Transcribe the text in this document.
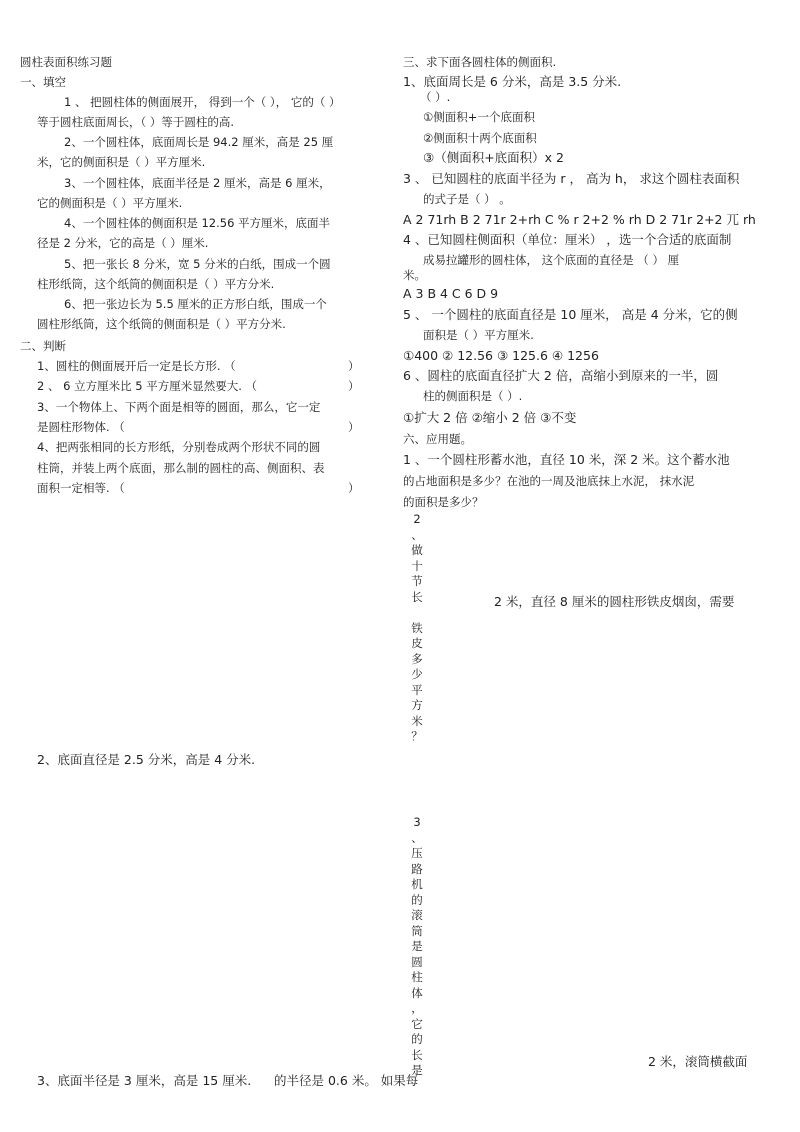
圆柱表面积练习题
一、填空
1 、 把圆柱体的侧面展开， 得到一个（ ）， 它的（ ）
等于圆柱底面周长，（ ）等于圆柱的高.
2、一个圆柱体，底面周长是 94.2 厘米，高是 25 厘
米，它的侧面积是（ ）平方厘米.
3、一个圆柱体，底面半径是 2 厘米，高是 6 厘米，
它的侧面积是（ ）平方厘米.
4、一个圆柱体的侧面积是 12.56 平方厘米，底面半
径是 2 分米，它的高是（ ）厘米.
5、把一张长 8 分米，宽 5 分米的白纸，围成一个圆
柱形纸筒，这个纸筒的侧面积是（ ）平方分米.
6、把一张边长为 5.5 厘米的正方形白纸，围成一个
圆柱形纸筒，这个纸筒的侧面积是（ ）平方分米.
二、判断
1、圆柱的侧面展开后一定是长方形. （	）
2 、 6 立方厘米比 5 平方厘米显然要大. （	）
3、一个物体上、下两个面是相等的圆面，那么，它一定
是圆柱形物体. （	）
4、把两张相同的长方形纸，分别卷成两个形状不同的圆
柱筒，并装上两个底面，那么制的圆柱的高、侧面积、表
面积一定相等. （	）
2、底面直径是 2.5 分米，高是 4 分米.
3、底面半径是 3 厘米，高是 15 厘米.
三、求下面各圆柱体的侧面积.
1、底面周长是 6 分米，高是 3.5 分米.
（ ）.
①侧面积+一个底面积
②侧面积十两个底面积
③（侧面积+底面积）x 2
3 、 已知圆柱的底面半径为 r ， 高为 h， 求这个圆柱表面积
的式子是（ ） 。
A 2 71rh B 2 71r 2+rh C % r 2+2 % rh D 2 71r 2+2 兀 rh
4 、已知圆柱侧面积（单位：厘米） ，选一个合适的底面制
成易拉罐形的圆柱体， 这个底面的直径是 （ ） 厘
米。
A 3 B 4 C 6 D 9
5 、 一个圆柱的底面直径是 10 厘米， 高是 4 分米，它的侧
面积是（ ）平方厘米.
①400 ② 12.56 ③ 125.6 ④ 1256
6 、圆柱的底面直径扩大 2 倍，高缩小到原来的一半，圆
柱的侧面积是（ ）.
①扩大 2 倍 ②缩小 2 倍 ③不变
六、应用题。
1 、一个圆柱形蓄水池，直径 10 米，深 2 米。这个蓄水池
的占地面积是多少？在池的一周及池底抹上水泥， 抹水泥
的面积是多少？
2
、
做
十
节
长

铁
皮
多
少
平
方
米
？
2 米，直径 8 厘米的圆柱形铁皮烟囱，需要
3
、
压
路
机
的
滚
筒
是
圆
柱
体
，
它
的
长
是
2 米，滚筒横截面
的半径是 0.6 米。 如果每
